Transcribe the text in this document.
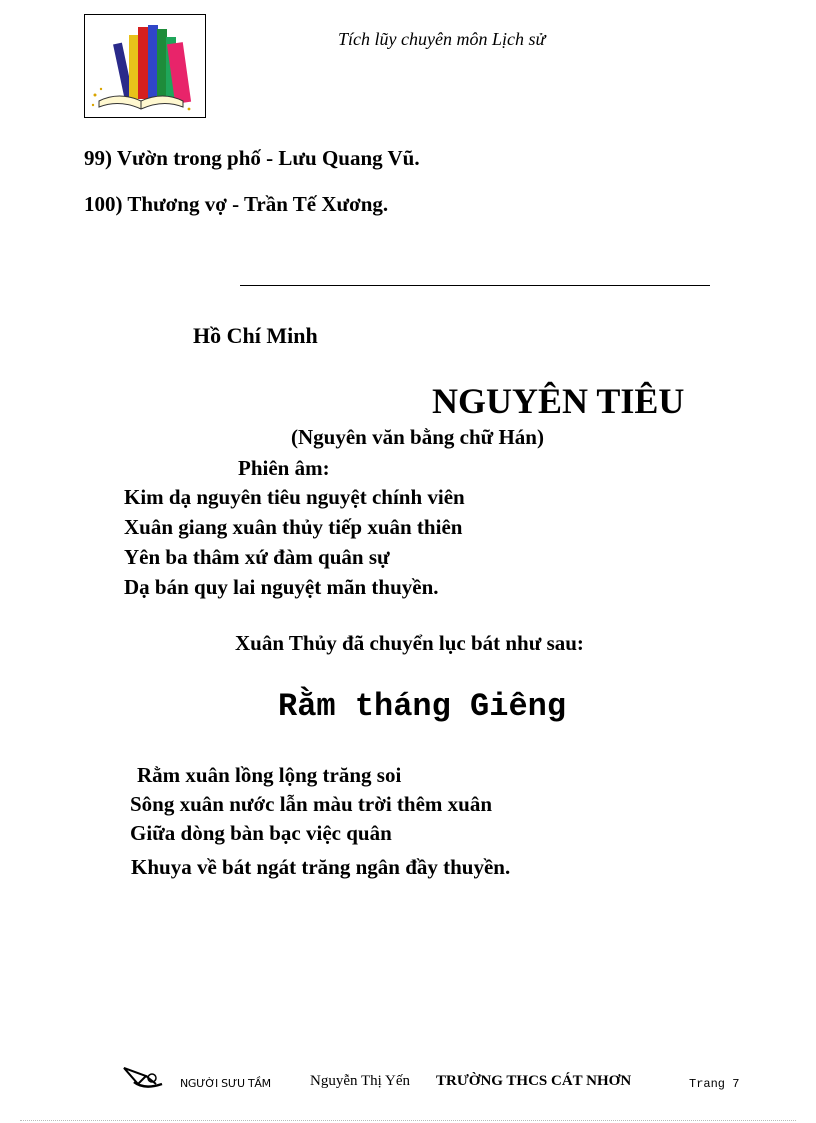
Tích lũy chuyên môn Lịch sử
99) Vườn trong phố - Lưu Quang Vũ.
100) Thương vợ - Trần Tế Xương.
Hồ Chí Minh
NGUYÊN TIÊU
(Nguyên văn bằng chữ Hán)
Phiên âm:
Kim dạ nguyên tiêu nguyệt chính viên
Xuân giang xuân thủy tiếp xuân thiên
Yên ba thâm xứ đàm quân sự
Dạ bán quy lai nguyệt mãn thuyền.
Xuân Thủy đã chuyển lục bát như sau:
Rằm tháng Giêng
Rằm xuân lồng lộng trăng soi
Sông xuân nước lẫn màu trời thêm xuân
Giữa dòng bàn bạc việc quân
Khuya về bát ngát trăng ngân đầy thuyền.
NGƯỜI SƯU TẦM	Nguyễn Thị Yến TRƯỜNG THCS CÁT NHƠN	Trang 7
